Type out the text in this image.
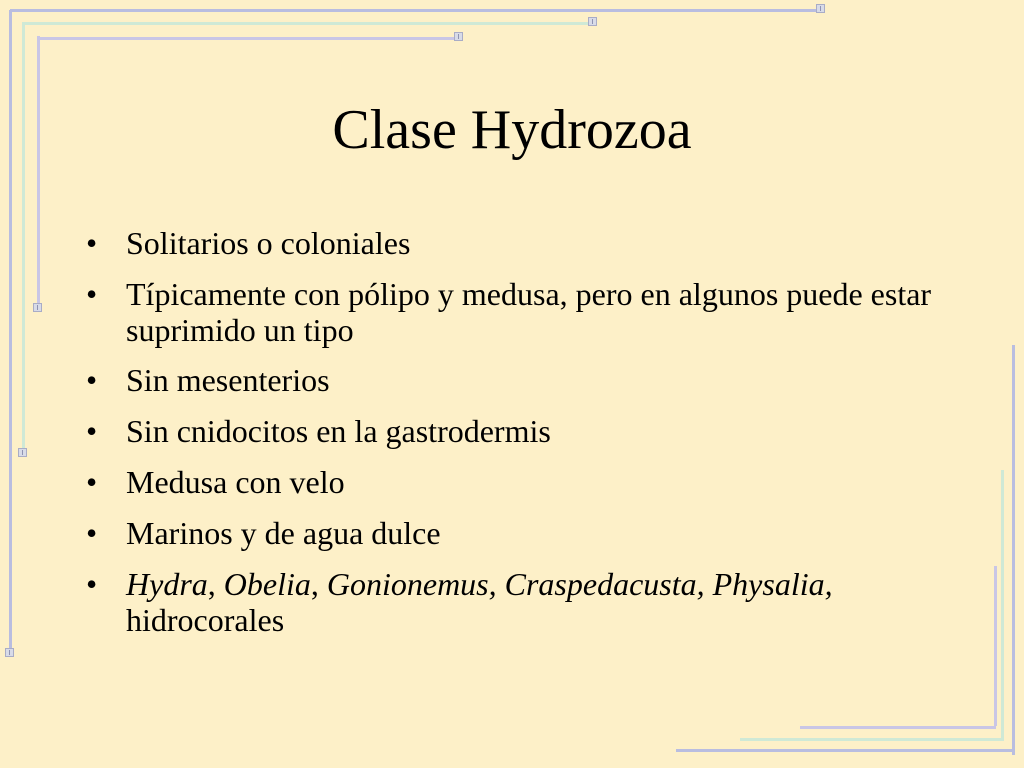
Clase Hydrozoa
• Solitarios o coloniales
• Típicamente con pólipo y medusa, pero en algunos puede estar suprimido un tipo
• Sin mesenterios
• Sin cnidocitos en la gastrodermis
• Medusa con velo
• Marinos y de agua dulce
• Hydra, Obelia, Gonionemus, Craspedacusta, Physalia, hidrocorales
